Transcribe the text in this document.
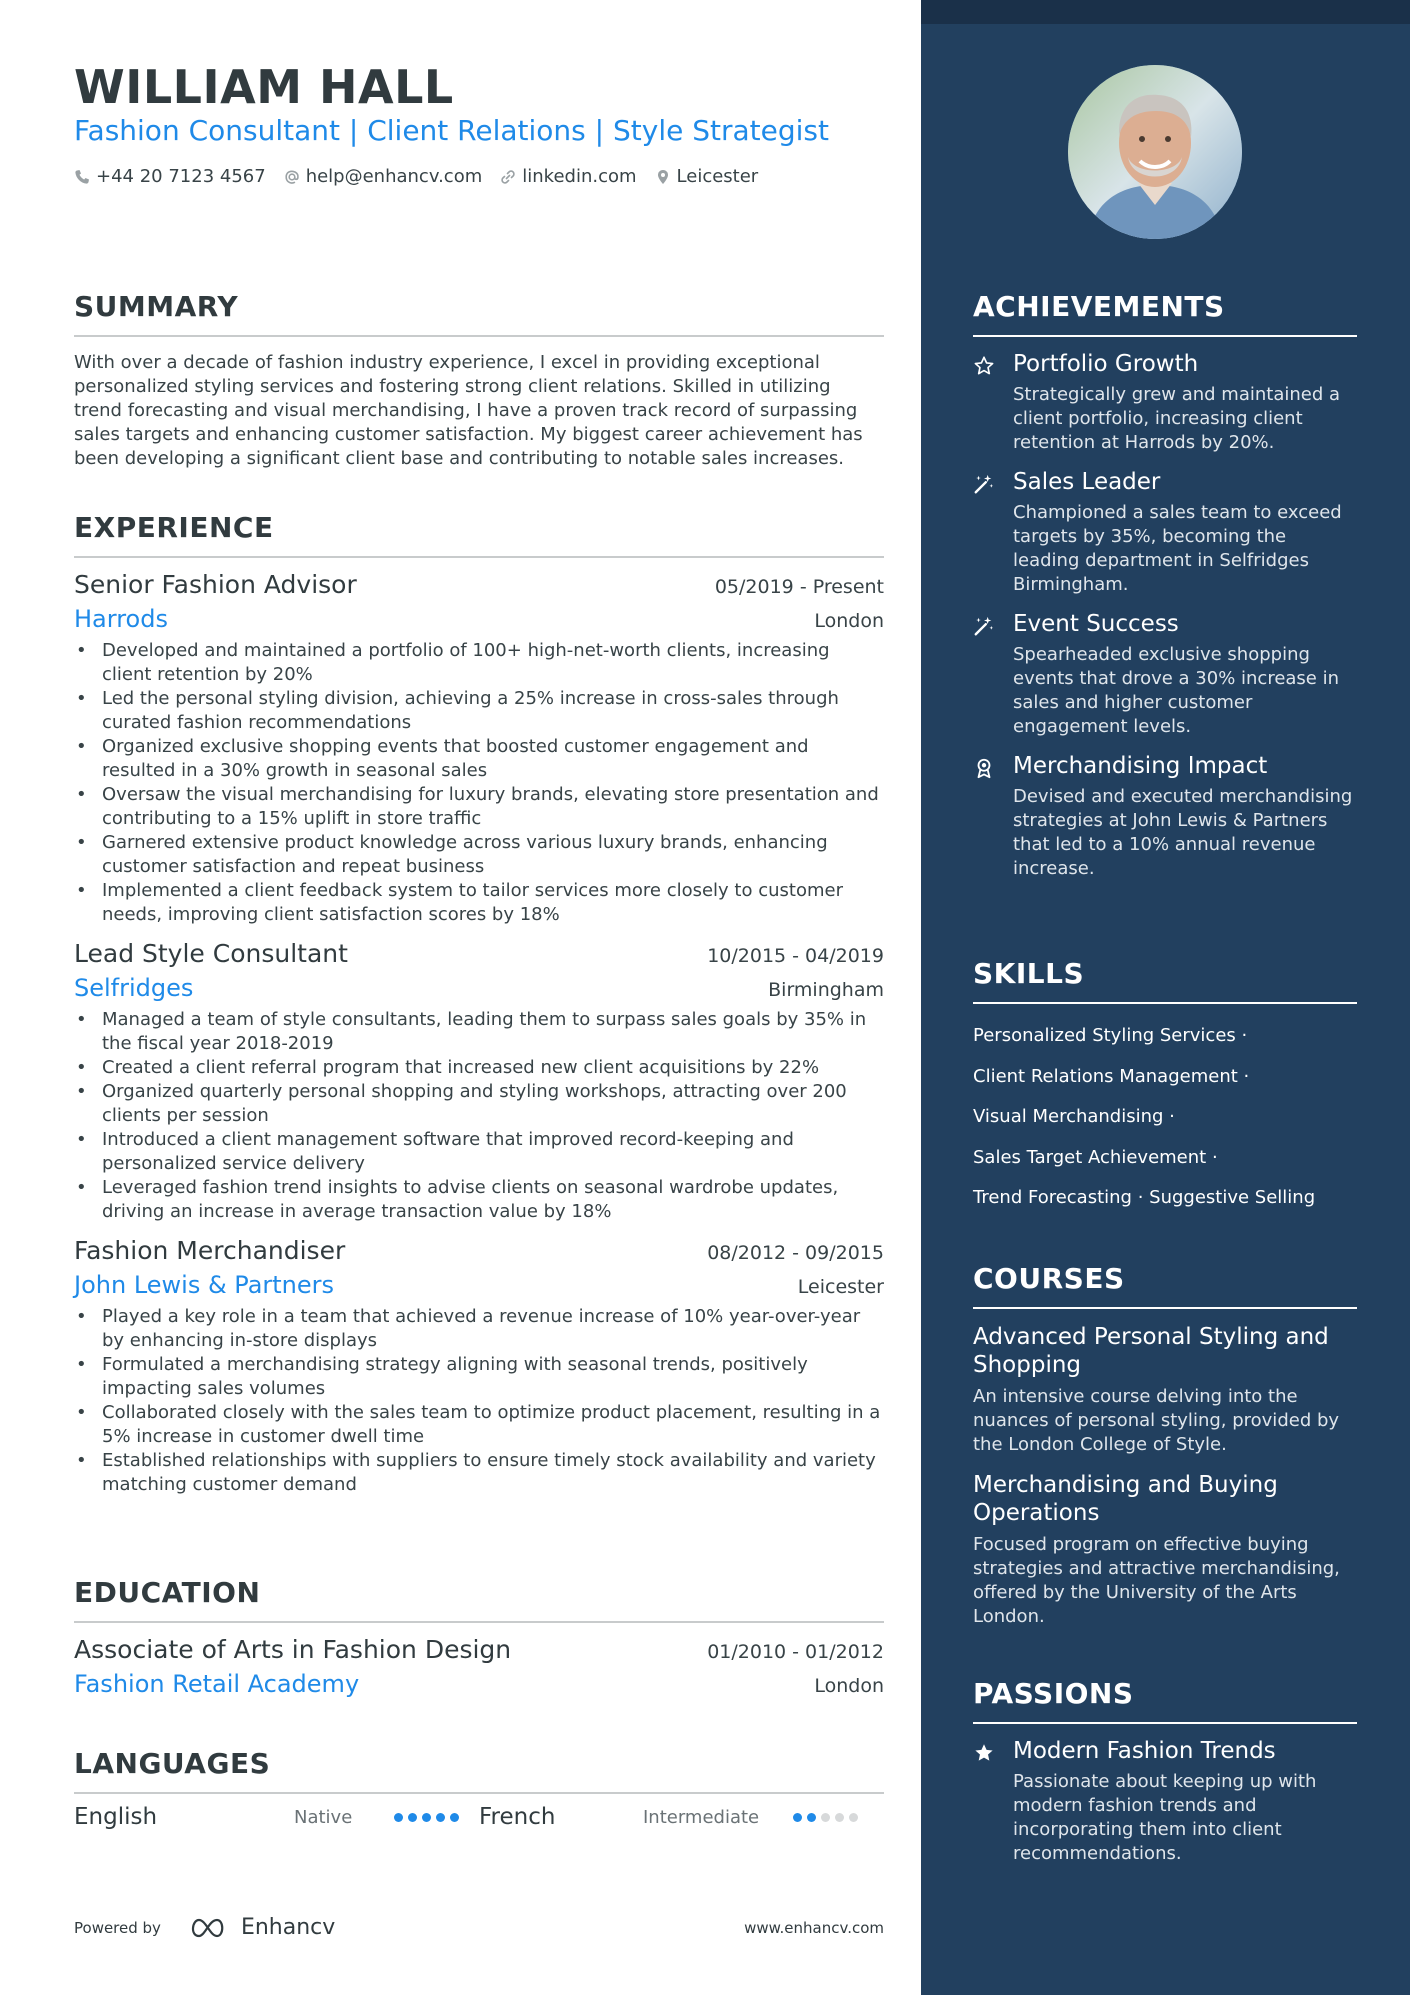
WILLIAM HALL
Fashion Consultant | Client Relations | Style Strategist
+44 20 7123 4567 help@enhancv.com linkedin.com Leicester
SUMMARY

With over a decade of fashion industry experience, I excel in providing exceptional personalized styling services and fostering strong client relations. Skilled in utilizing trend forecasting and visual merchandising, I have a proven track record of surpassing sales targets and enhancing customer satisfaction. My biggest career achievement has been developing a significant client base and contributing to notable sales increases.

EXPERIENCE
Senior Fashion Advisor	05/2019 - Present
Harrods	London
• Developed and maintained a portfolio of 100+ high-net-worth clients, increasing client retention by 20%
• Led the personal styling division, achieving a 25% increase in cross-sales through curated fashion recommendations
• Organized exclusive shopping events that boosted customer engagement and resulted in a 30% growth in seasonal sales
• Oversaw the visual merchandising for luxury brands, elevating store presentation and contributing to a 15% uplift in store traffic
• Garnered extensive product knowledge across various luxury brands, enhancing customer satisfaction and repeat business
• Implemented a client feedback system to tailor services more closely to customer needs, improving client satisfaction scores by 18%
Lead Style Consultant	10/2015 - 04/2019
Selfridges	Birmingham
• Managed a team of style consultants, leading them to surpass sales goals by 35% in the fiscal year 2018-2019
• Created a client referral program that increased new client acquisitions by 22%
• Organized quarterly personal shopping and styling workshops, attracting over 200 clients per session
• Introduced a client management software that improved record-keeping and personalized service delivery
• Leveraged fashion trend insights to advise clients on seasonal wardrobe updates, driving an increase in average transaction value by 18%
Fashion Merchandiser	08/2012 - 09/2015
John Lewis & Partners	Leicester
• Played a key role in a team that achieved a revenue increase of 10% year-over-year by enhancing in-store displays
• Formulated a merchandising strategy aligning with seasonal trends, positively impacting sales volumes
• Collaborated closely with the sales team to optimize product placement, resulting in a 5% increase in customer dwell time
• Established relationships with suppliers to ensure timely stock availability and variety matching customer demand
EDUCATION
Associate of Arts in Fashion Design	01/2010 - 01/2012
Fashion Retail Academy	London
LANGUAGES
English	Native	French	Intermediate
Powered by	Enhancv	www.enhancv.com
ACHIEVEMENTS
Portfolio Growth
Strategically grew and maintained a client portfolio, increasing client retention at Harrods by 20%.
Sales Leader
Championed a sales team to exceed targets by 35%, becoming the leading department in Selfridges Birmingham.
Event Success
Spearheaded exclusive shopping events that drove a 30% increase in sales and higher customer engagement levels.
Merchandising Impact
Devised and executed merchandising strategies at John Lewis & Partners that led to a 10% annual revenue increase.
SKILLS
Personalized Styling Services ·
Client Relations Management ·
Visual Merchandising ·
Sales Target Achievement ·
Trend Forecasting · Suggestive Selling
COURSES
Advanced Personal Styling and Shopping
An intensive course delving into the nuances of personal styling, provided by the London College of Style.
Merchandising and Buying Operations
Focused program on effective buying strategies and attractive merchandising, offered by the University of the Arts London.
PASSIONS
Modern Fashion Trends
Passionate about keeping up with modern fashion trends and incorporating them into client recommendations.
